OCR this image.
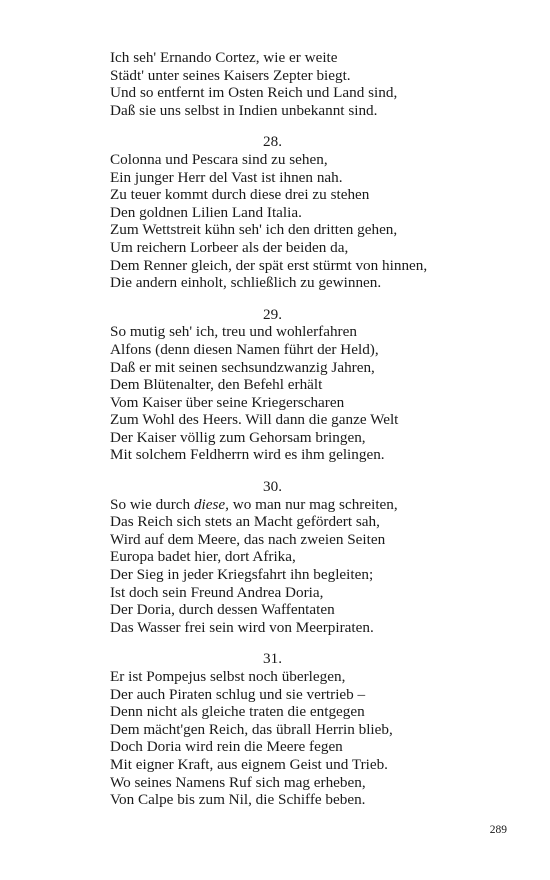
Ich seh' Ernando Cortez, wie er weite
Städt' unter seines Kaisers Zepter biegt.
Und so entfernt im Osten Reich und Land sind,
Daß sie uns selbst in Indien unbekannt sind.
28.
Colonna und Pescara sind zu sehen,
Ein junger Herr del Vast ist ihnen nah.
Zu teuer kommt durch diese drei zu stehen
Den goldnen Lilien Land Italia.
Zum Wettstreit kühn seh' ich den dritten gehen,
Um reichern Lorbeer als der beiden da,
Dem Renner gleich, der spät erst stürmt von hinnen,
Die andern einholt, schließlich zu gewinnen.
29.
So mutig seh' ich, treu und wohlerfahren
Alfons (denn diesen Namen führt der Held),
Daß er mit seinen sechsundzwanzig Jahren,
Dem Blütenalter, den Befehl erhält
Vom Kaiser über seine Kriegerscharen
Zum Wohl des Heers. Will dann die ganze Welt
Der Kaiser völlig zum Gehorsam bringen,
Mit solchem Feldherrn wird es ihm gelingen.
30.
So wie durch diese, wo man nur mag schreiten,
Das Reich sich stets an Macht gefördert sah,
Wird auf dem Meere, das nach zweien Seiten
Europa badet hier, dort Afrika,
Der Sieg in jeder Kriegsfahrt ihn begleiten;
Ist doch sein Freund Andrea Doria,
Der Doria, durch dessen Waffentaten
Das Wasser frei sein wird von Meerpiraten.
31.
Er ist Pompejus selbst noch überlegen,
Der auch Piraten schlug und sie vertrieb –
Denn nicht als gleiche traten die entgegen
Dem mächt'gen Reich, das übrall Herrin blieb,
Doch Doria wird rein die Meere fegen
Mit eigner Kraft, aus eignem Geist und Trieb.
Wo seines Namens Ruf sich mag erheben,
Von Calpe bis zum Nil, die Schiffe beben.
289
